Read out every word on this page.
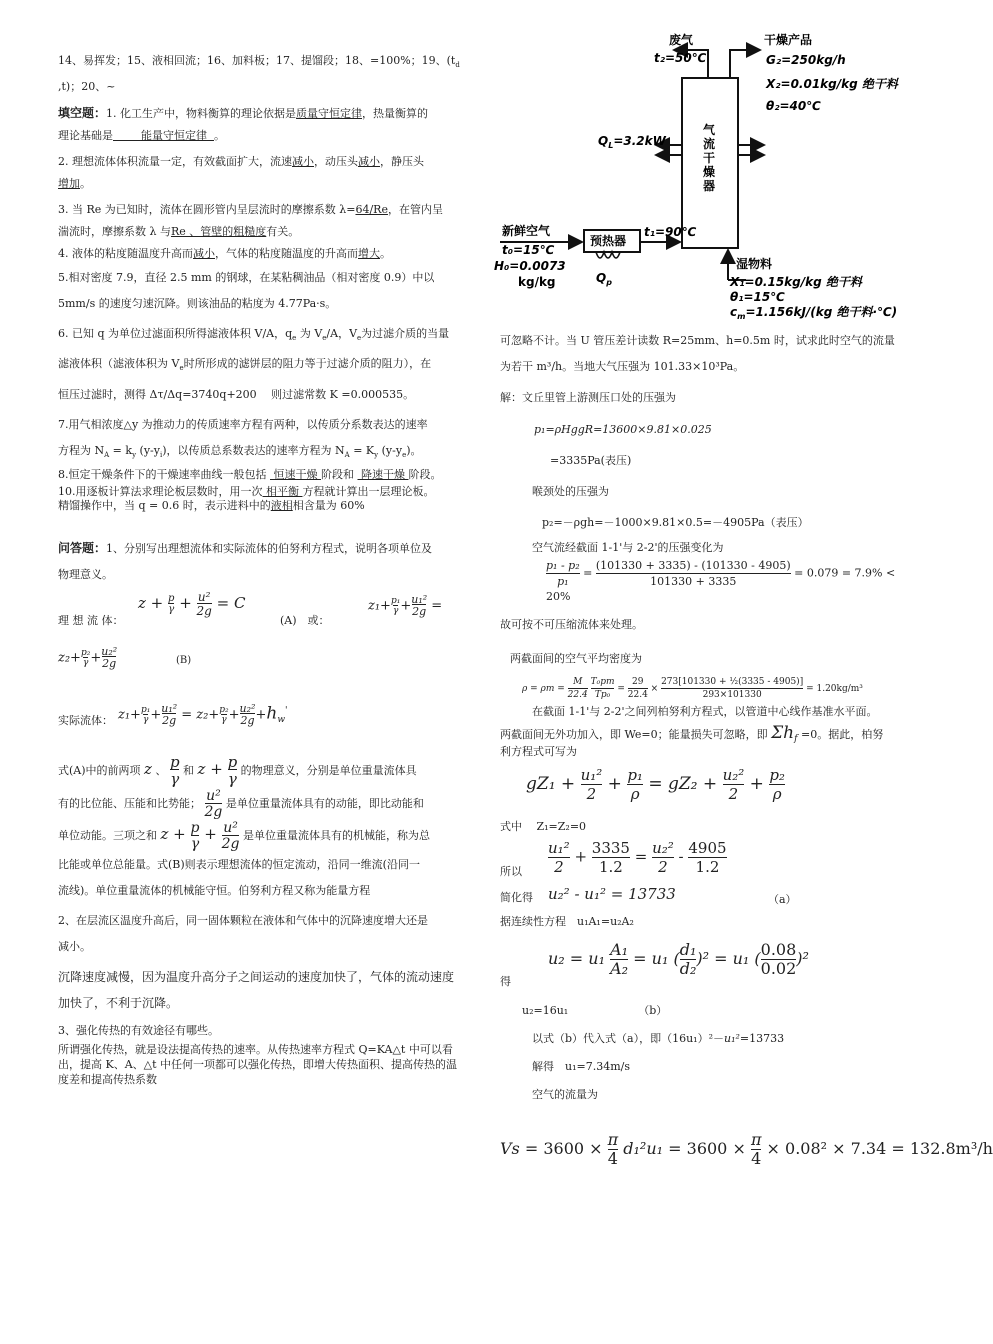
14、易挥发；15、液相回流；16、加料板；17、提馏段；18、=100%；19、($t_d$
,t)；20、~

填空题：1. 化工生产中，物料衡算的理论依据是质量守恒定律，热量衡算的
理论基础是	能量守恒定律 。

2. 理想流体体积流量一定，有效截面扩大，流速减小，动压头减小，静压头
增加。

3. 当 Re 为已知时，流体在圆形管内呈层流时的摩擦系数 λ=64/Re，在管内呈
湍流时，摩擦系数 λ 与Re 、管壁的粗糙度有关。

4. 液体的粘度随温度升高而减小，气体的粘度随温度的升高而增大。

5.相对密度 7.9，直径 2.5 mm 的钢球，在某粘稠油品（相对密度 0.9）中以
5mm/s 的速度匀速沉降。则该油品的粘度为 4.77Pa·s。

6. 已知 q 为单位过滤面积所得滤液体积 V/A，$q_e$ 为 $V_e/A$，$V_e$为过滤介质的当量
滤液体积（滤液体积为 $V_e$时所形成的滤饼层的阻力等于过滤介质的阻力），在
恒压过滤时，测得 Δτ/Δq=3740q+200　 则过滤常数 K =0.000535。

7.用气相浓度△y 为推动力的传质速率方程有两种，以传质分系数表达的速率
方程为 $N_A = k_y$ $(y-y_i)$，以传质总系数表达的速率方程为 $N_A = K_y$ $(y-y_e)$。

8.恒定干燥条件下的干燥速率曲线一般包括 恒速干燥 阶段和 降速干燥 阶段。

10.用逐板计算法求理论板层数时，用一次 相平衡 方程就计算出一层理论板。
精馏操作中，当 q = 0.6 时，表示进料中的液相相含量为 60%

问答题：1、分别写出理想流体和实际流体的伯努利方程式，说明各项单位及
物理意义。

理 想 流 体：
z + p
γ + u²
2g = C
(A)　或：
z₁+p₁
γ +u₁²
2g =
z₂+p₂
γ +u₂²
2g	(B)
实际流体： z₁+p₁
γ +u₁²
2g = z₂+p₂
γ +u₂²
$2g+h_w'$

式(A)中的前两项 z 、 p
γ 和 z + p
γ 的物理意义，分别是单位重量流体具
有的比位能、压能和比势能； u²
2g 是单位重量流体具有的动能，即比动能和
单位动能。三项之和 z + p
γ + u²
2g 是单位重量流体具有的机械能，称为总
比能或单位总能量。式(B)则表示理想流体的恒定流动，沿同一维流(沿同一
流线)。单位重量流体的机械能守恒。伯努利方程又称为能量方程

2、在层流区温度升高后，同一固体颗粒在液体和气体中的沉降速度增大还是
减小。

沉降速度减慢，因为温度升高分子之间运动的速度加快了，气体的流动速度
加快了，不利于沉降。

3、强化传热的有效途径有哪些。

所谓强化传热，就是设法提高传热的速率。从传热速率方程式 Q=KA△t 中可以看出，提高 K、A、△t 中任何一项都可以强化传热，即增大传热面积、提高传热的温度差和提高传热系数

废气
t₂=50℃
干燥产品
G₂=250kg/h
X₂=0.01kg/kg 绝干料
θ₂=40℃
$Q_L=3.2kW$
气
流
干
燥
器
新鲜空气
t₀=15℃
H₀=0.0073
kg/kg
预热器
t₁=90℃
$Q_p$
湿物料
X₁=0.15kg/kg 绝干料
θ₁=15℃
$c_m=1.156kJ/(kg$ 绝干料·℃)

可忽略不计。当 U 管压差计读数 R=25mm、h=0.5m 时，试求此时空气的流量
为若干 m³/h。当地大气压强为 101.33×10³Pa。

解：文丘里管上游测压口处的压强为

p₁=ρHggR=13600×9.81×0.025

=3335Pa(表压)

喉颈处的压强为

p₂=－ρgh=－1000×9.81×0.5=－4905Pa（表压）

空气流经截面 1-1'与 2-2'的压强变化为

$\frac{\text{p₁ - p₂}}{\text{p₁}} = \frac{(101330 + 3335) - (101330 - 4905)}{101330 + 3335} = 0.079 = 7.9\% < 20\%$

故可按不可压缩流体来处理。

两截面间的空气平均密度为

$\rho = \rho m = \frac{M}{22.4} \frac{\text{T₀pm}}{\text{Tp₀}} = \frac{29}{22.4} \times \frac{\text{273[101330 + ½(3335 - 4905)]}}{293\times 101330} = 1.20kg/m^3$

在截面 1-1'与 2-2'之间列柏努利方程式，以管道中心线作基准水平面。

两截面间无外功加入，即 We=0；能量损失可忽略，即 $\Sigma h_f =0$。据此，柏努
利方程式可写为

gZ₁ + u₁²

2 + p₁

ρ = gZ₂ + u₂²

2 + p₂

ρ

式中　 Z₁=Z₂=0

所以
u₁²

2
+ $\frac{3335}{1.2} = u_2^2$

2
- $\frac{4905}{1.2}$
简化得 u₂² - u₁² = 13733	（a）

据连续性方程　u₁A₁=u₂A₂

得
u₂ = u₁ A₁

A₂
= u₁ (d₁

d₂
)² = u₁ $(\frac{0.08}{0.02} )^2$

u₂=16u₁	（b）

以式（b）代入式（a），即（16u₁）²－u₁²=13733

解得　u₁=7.34m/s

空气的流量为

Vs = 3600 × π

4
d₁²u₁ = 3600 × π

4
× 0.08² × 7.34 = 132.8m³/h
